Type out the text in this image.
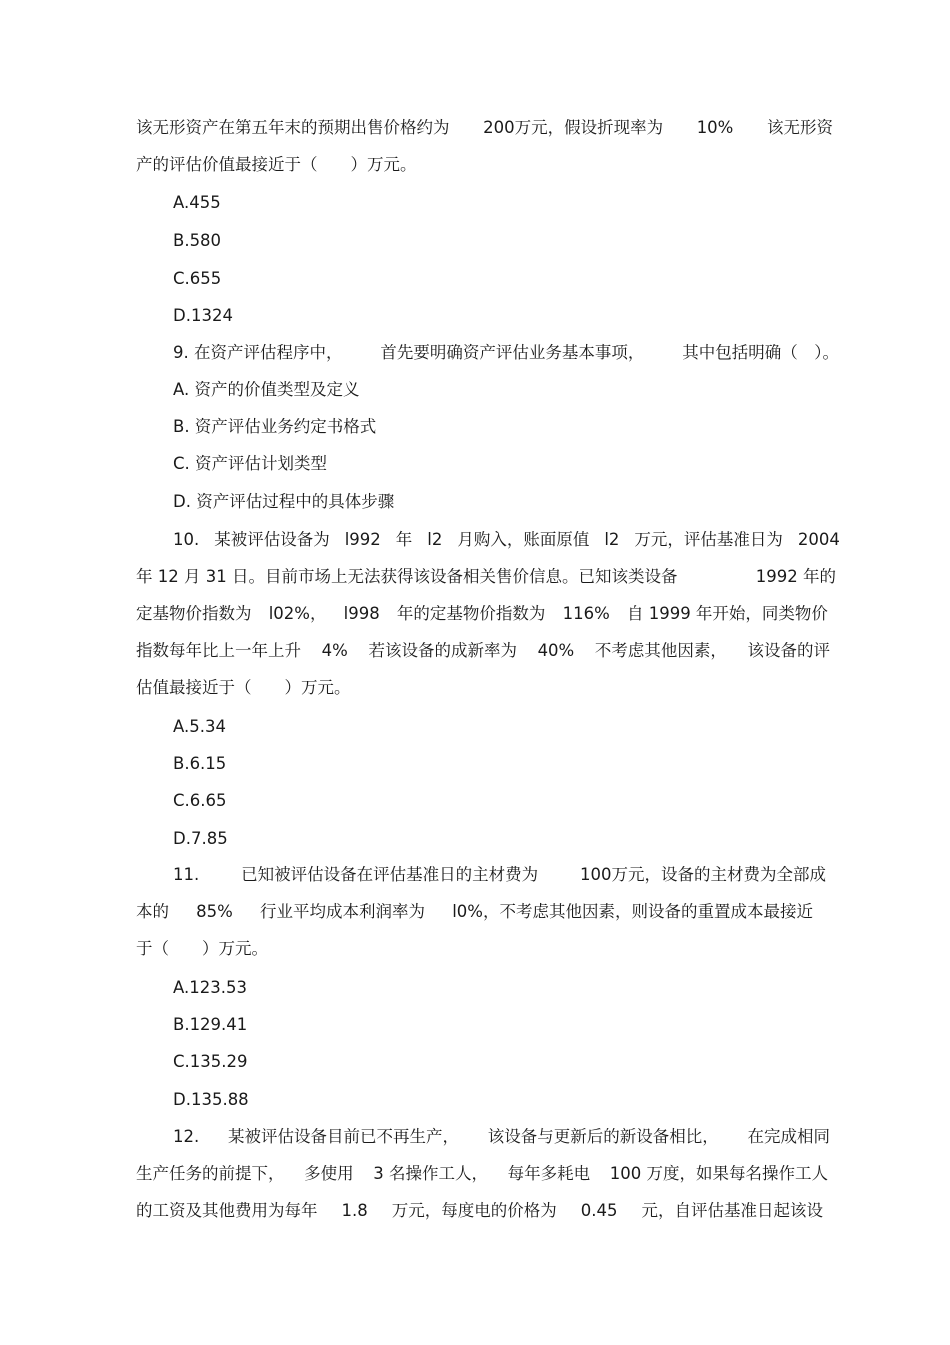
该无形资产在第五年末的预期出售价格约为 200万元，假设折现率为 10% 该无形资
产的评估价值最接近于（　　）万元。
A.455
B.580
C.655
D.1324
9. 在资产评估程序中， 首先要明确资产评估业务基本事项， 其中包括明确（　）。
A. 资产的价值类型及定义
B. 资产评估业务约定书格式
C. 资产评估计划类型
D. 资产评估过程中的具体步骤
10. 某被评估设备为 l992 年 l2 月购入，账面原值 l2 万元，评估基准日为 2004
年 12 月 31 日。目前市场上无法获得该设备相关售价信息。已知该类设备	1992 年的
定基物价指数为 l02%， l998 年的定基物价指数为 116% 自 1999 年开始，同类物价
指数每年比上一年上升 4% 若该设备的成新率为 40% 不考虑其他因素， 该设备的评
估值最接近于（　　）万元。
A.5.34
B.6.15
C.6.65
D.7.85
11.	已知被评估设备在评估基准日的主材费为	100万元，设备的主材费为全部成
本的 85% 行业平均成本利润率为 l0%，不考虑其他因素，则设备的重置成本最接近
于（　　）万元。
A.123.53
B.129.41
C.135.29
D.135.88
12. 某被评估设备目前已不再生产， 该设备与更新后的新设备相比， 在完成相同
生产任务的前提下， 多使用 3 名操作工人， 每年多耗电 100 万度，如果每名操作工人
的工资及其他费用为每年 1.8 万元，每度电的价格为 0.45 元，自评估基准日起该设
